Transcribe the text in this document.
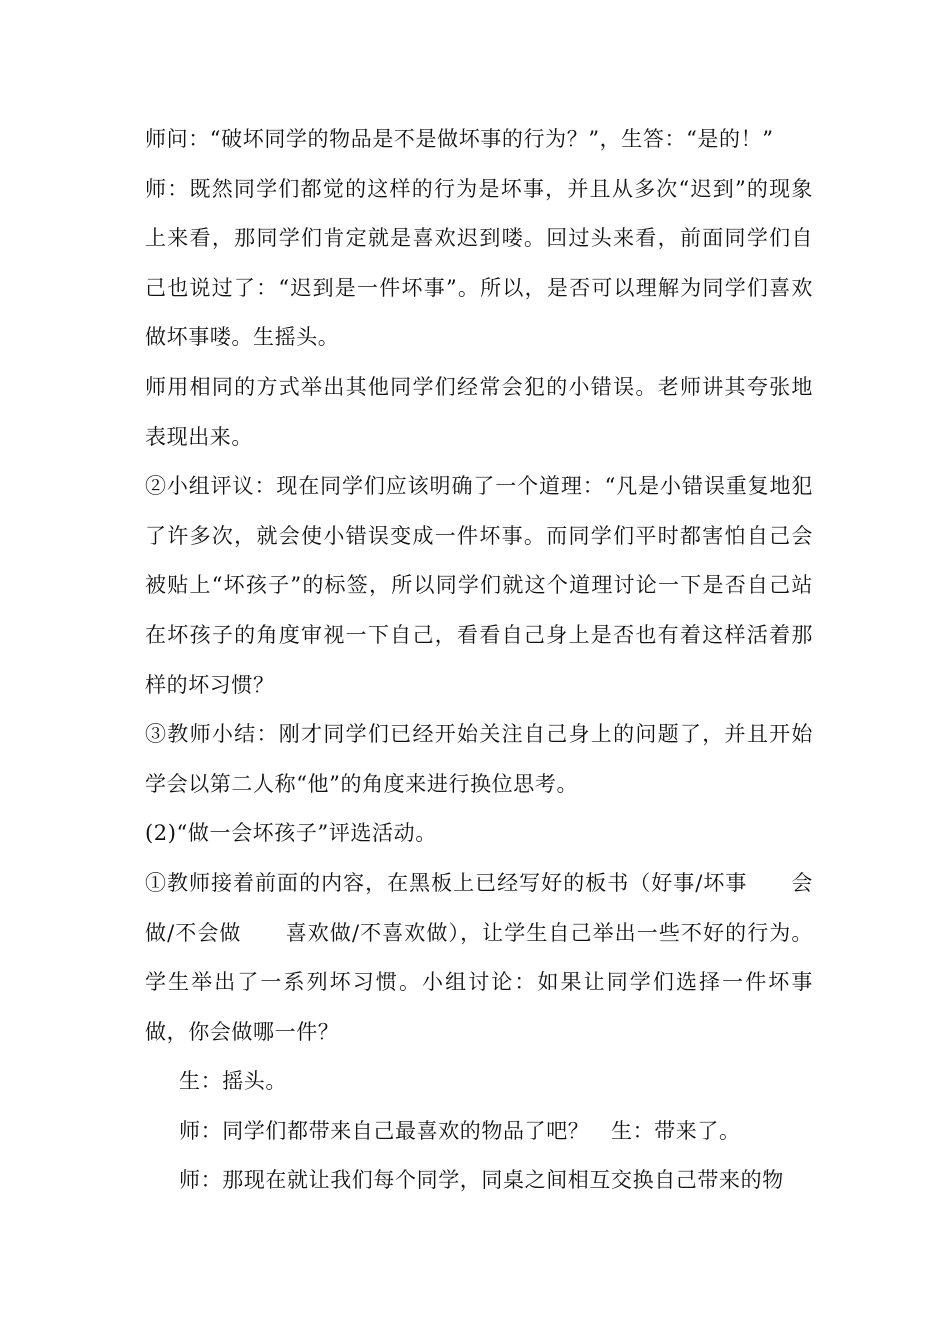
师问：“破坏同学的物品是不是做坏事的行为？”，生答：“是的！”

师：既然同学们都觉的这样的行为是坏事，并且从多次“迟到”的现象上来看，那同学们肯定就是喜欢迟到喽。回过头来看，前面同学们自己也说过了：“迟到是一件坏事”。所以，是否可以理解为同学们喜欢做坏事喽。生摇头。

师用相同的方式举出其他同学们经常会犯的小错误。老师讲其夸张地表现出来。

②小组评议：现在同学们应该明确了一个道理：“凡是小错误重复地犯了许多次，就会使小错误变成一件坏事。而同学们平时都害怕自己会被贴上“坏孩子”的标签，所以同学们就这个道理讨论一下是否自己站在坏孩子的角度审视一下自己，看看自己身上是否也有着这样活着那样的坏习惯？

③教师小结：刚才同学们已经开始关注自己身上的问题了，并且开始学会以第二人称“他”的角度来进行换位思考。

(2)“做一会坏孩子”评选活动。

①教师接着前面的内容，在黑板上已经写好的板书（好事/坏事　　会做/不会做　　喜欢做/不喜欢做），让学生自己举出一些不好的行为。学生举出了一系列坏习惯。小组讨论：如果让同学们选择一件坏事做，你会做哪一件？

生：摇头。

师：同学们都带来自己最喜欢的物品了吧？　生：带来了。

师：那现在就让我们每个同学，同桌之间相互交换自己带来的物
